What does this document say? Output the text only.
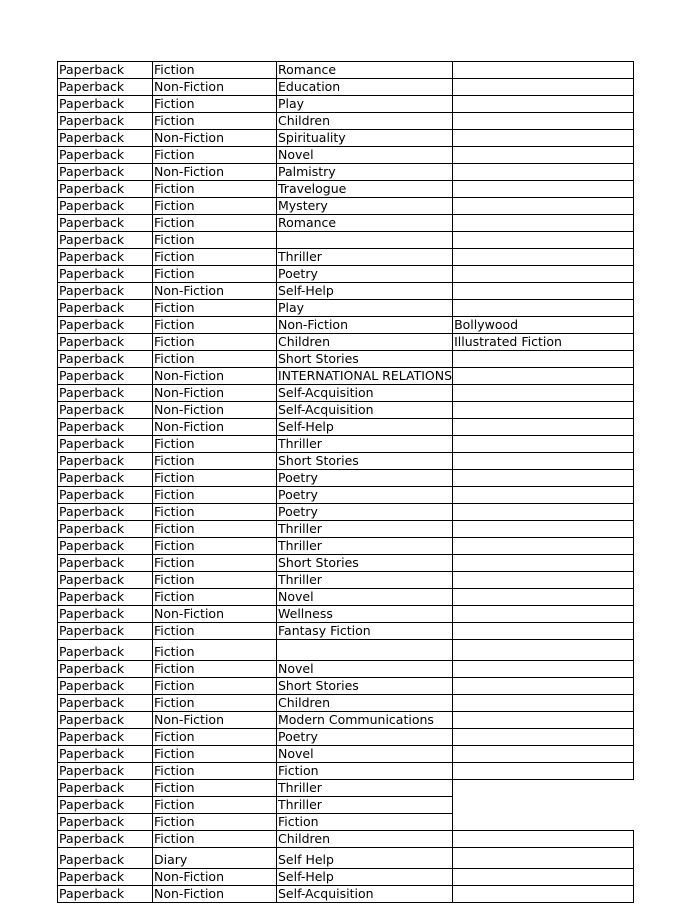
Paperback	Fiction	Romance	
Paperback	Non-Fiction	Education	
Paperback	Fiction	Play	
Paperback	Fiction	Children	
Paperback	Non-Fiction	Spirituality	
Paperback	Fiction	Novel	
Paperback	Non-Fiction	Palmistry	
Paperback	Fiction	Travelogue	
Paperback	Fiction	Mystery	
Paperback	Fiction	Romance	
Paperback	Fiction		
Paperback	Fiction	Thriller	
Paperback	Fiction	Poetry	
Paperback	Non-Fiction	Self-Help	
Paperback	Fiction	Play	
Paperback	Fiction	Non-Fiction	Bollywood
Paperback	Fiction	Children	Illustrated Fiction
Paperback	Fiction	Short Stories	
Paperback	Non-Fiction	INTERNATIONAL RELATIONS	
Paperback	Non-Fiction	Self-Acquisition	
Paperback	Non-Fiction	Self-Acquisition	
Paperback	Non-Fiction	Self-Help	
Paperback	Fiction	Thriller	
Paperback	Fiction	Short Stories	
Paperback	Fiction	Poetry	
Paperback	Fiction	Poetry	
Paperback	Fiction	Poetry	
Paperback	Fiction	Thriller	
Paperback	Fiction	Thriller	
Paperback	Fiction	Short Stories	
Paperback	Fiction	Thriller	
Paperback	Fiction	Novel	
Paperback	Non-Fiction	Wellness	
Paperback	Fiction	Fantasy Fiction	
Paperback	Fiction		
Paperback	Fiction	Novel	
Paperback	Fiction	Short Stories	
Paperback	Fiction	Children	
Paperback	Non-Fiction	Modern Communications	
Paperback	Fiction	Poetry	
Paperback	Fiction	Novel	
Paperback	Fiction	Fiction	
Paperback	Fiction	Thriller	
Paperback	Fiction	Thriller	
Paperback	Fiction	Fiction	
Paperback	Fiction	Children	
Paperback	Diary	Self Help	
Paperback	Non-Fiction	Self-Help	
Paperback	Non-Fiction	Self-Acquisition	
